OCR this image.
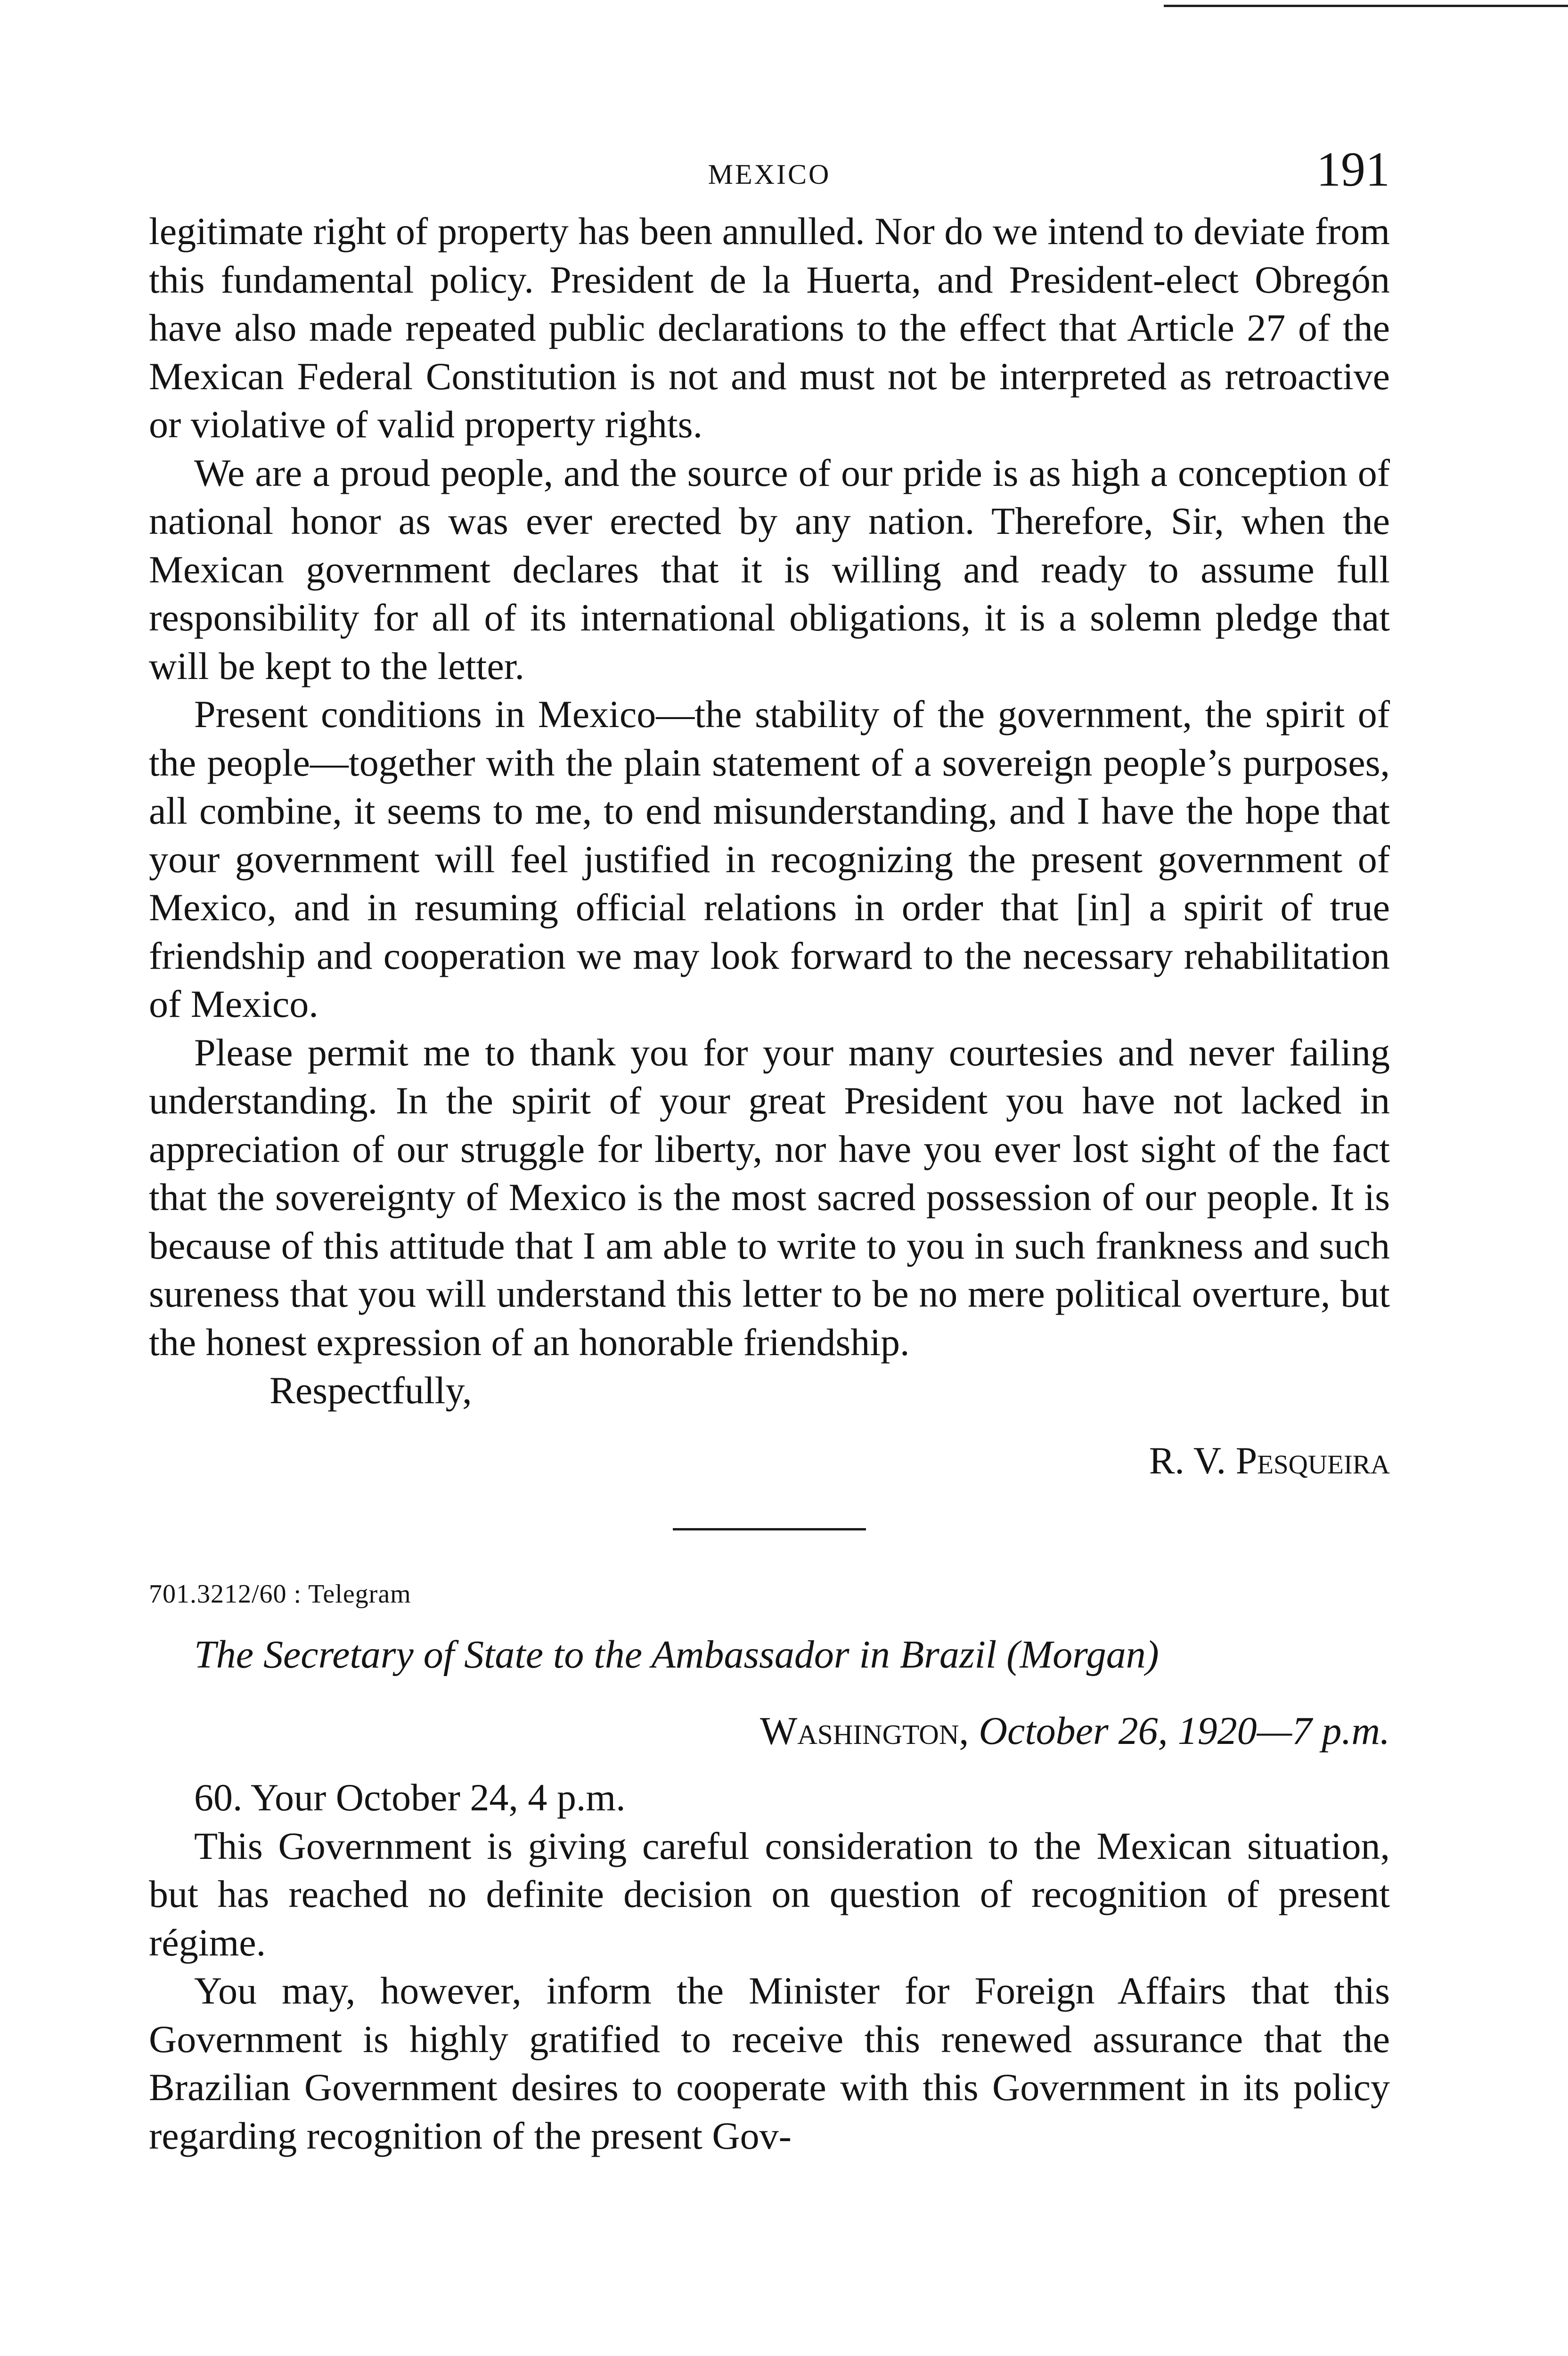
MEXICO	191

legitimate right of property has been annulled. Nor do we intend to deviate from this fundamental policy. President de la Huerta, and President-elect Obregón have also made repeated public declarations to the effect that Article 27 of the Mexican Federal Constitution is not and must not be interpreted as retroactive or violative of valid property rights.

We are a proud people, and the source of our pride is as high a conception of national honor as was ever erected by any nation. Therefore, Sir, when the Mexican government declares that it is willing and ready to assume full responsibility for all of its international obligations, it is a solemn pledge that will be kept to the letter.

Present conditions in Mexico—the stability of the government, the spirit of the people—together with the plain statement of a sovereign people’s purposes, all combine, it seems to me, to end misunderstanding, and I have the hope that your government will feel justified in recognizing the present government of Mexico, and in resuming official relations in order that [in] a spirit of true friendship and cooperation we may look forward to the necessary rehabilitation of Mexico.

Please permit me to thank you for your many courtesies and never failing understanding. In the spirit of your great President you have not lacked in appreciation of our struggle for liberty, nor have you ever lost sight of the fact that the sovereignty of Mexico is the most sacred possession of our people. It is because of this attitude that I am able to write to you in such frankness and such sureness that you will understand this letter to be no mere political overture, but the honest expression of an honorable friendship.

Respectfully,
R. V. Pesqueira
701.3212/60 : Telegram
The Secretary of State to the Ambassador in Brazil (Morgan)
Washington, October 26, 1920—7 p.m.
60. Your October 24, 4 p.m.

This Government is giving careful consideration to the Mexican situation, but has reached no definite decision on question of recognition of present régime.

You may, however, inform the Minister for Foreign Affairs that this Government is highly gratified to receive this renewed assurance that the Brazilian Government desires to cooperate with this Government in its policy regarding recognition of the present Gov-
